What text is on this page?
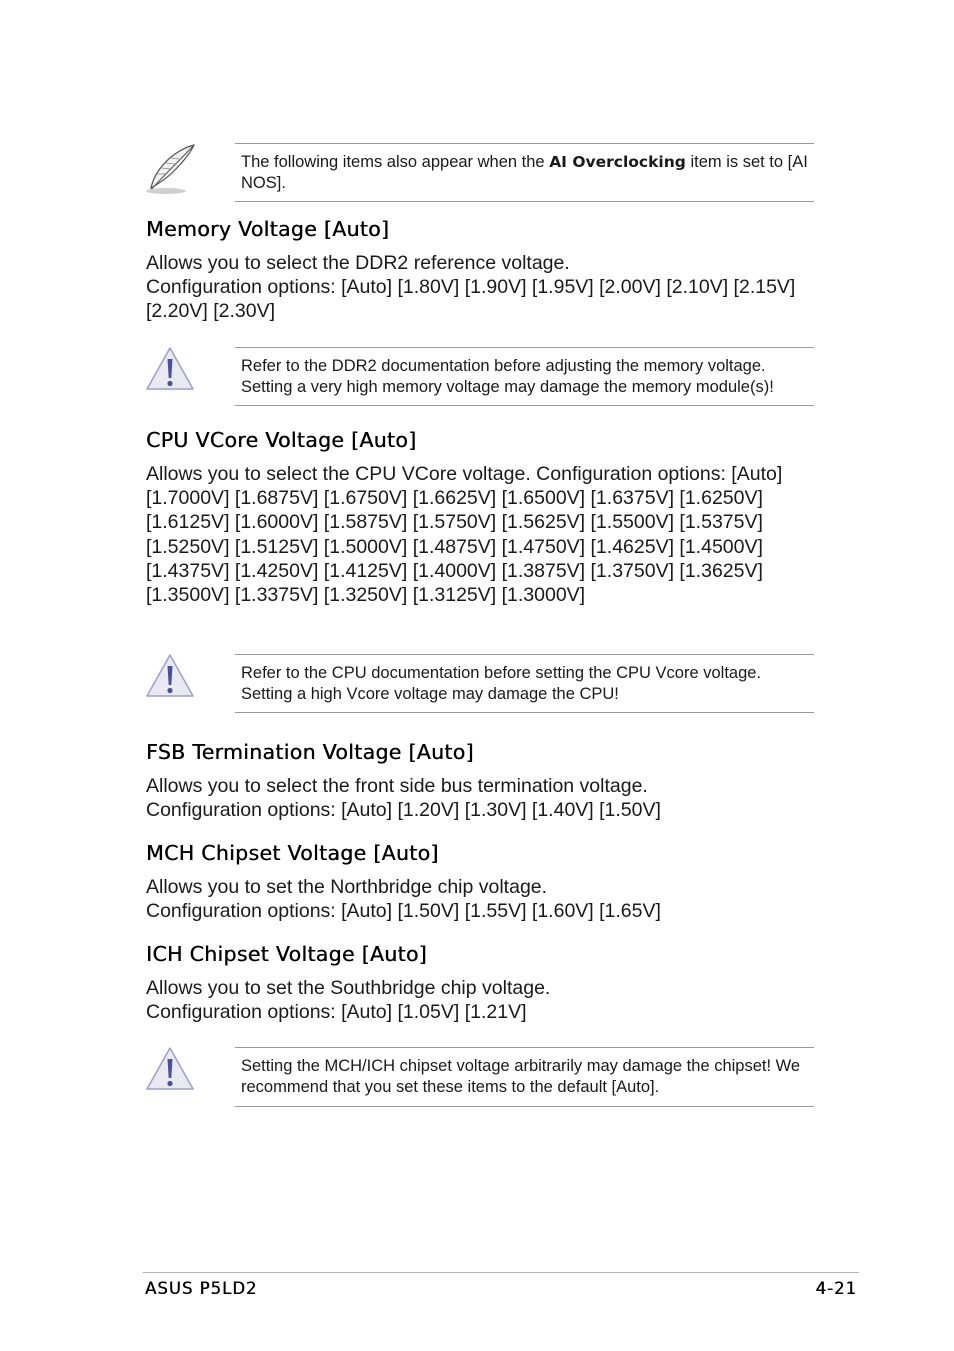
The following items also appear when the AI Overclocking item is set to [AI NOS].
Memory Voltage [Auto]

Allows you to select the DDR2 reference voltage.
Configuration options: [Auto] [1.80V] [1.90V] [1.95V] [2.00V] [2.10V] [2.15V] [2.20V] [2.30V]

Refer to the DDR2 documentation before adjusting the memory voltage. Setting a very high memory voltage may damage the memory module(s)!
CPU VCore Voltage [Auto]

Allows you to select the CPU VCore voltage. Configuration options: [Auto] [1.7000V] [1.6875V] [1.6750V] [1.6625V] [1.6500V] [1.6375V] [1.6250V] [1.6125V] [1.6000V] [1.5875V] [1.5750V] [1.5625V] [1.5500V] [1.5375V] [1.5250V] [1.5125V] [1.5000V] [1.4875V] [1.4750V] [1.4625V] [1.4500V] [1.4375V] [1.4250V] [1.4125V] [1.4000V] [1.3875V] [1.3750V] [1.3625V] [1.3500V] [1.3375V] [1.3250V] [1.3125V] [1.3000V]

Refer to the CPU documentation before setting the CPU Vcore voltage. Setting a high Vcore voltage may damage the CPU!
FSB Termination Voltage [Auto]

Allows you to select the front side bus termination voltage.
Configuration options: [Auto] [1.20V] [1.30V] [1.40V] [1.50V]

MCH Chipset Voltage [Auto]

Allows you to set the Northbridge chip voltage.
Configuration options: [Auto] [1.50V] [1.55V] [1.60V] [1.65V]

ICH Chipset Voltage [Auto]

Allows you to set the Southbridge chip voltage.
Configuration options: [Auto] [1.05V] [1.21V]

Setting the MCH/ICH chipset voltage arbitrarily may damage the chipset! We recommend that you set these items to the default [Auto].
ASUS P5LD2	4-21
